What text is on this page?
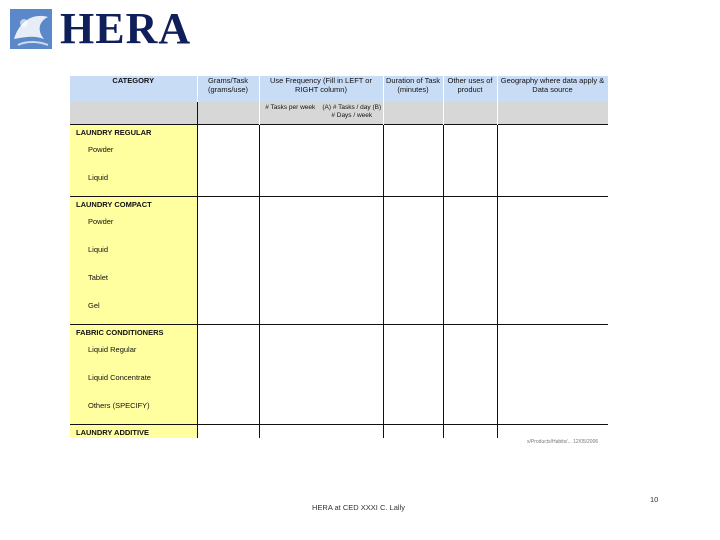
HERA
CATEGORY	Grams/Task (grams/use)	Use Frequency (Fill in LEFT or RIGHT column)	Duration of Task (minutes)	Other uses of product	Geography where data apply & Data source

		# Tasks per week (A) # Tasks / day (B) # Days / week			

LAUNDRY REGULAR					

Powder					

Liquid					

LAUNDRY COMPACT					

Powder					

Liquid					

Tablet					

Gel					

FABRIC CONDITIONERS					

Liquid Regular					

Liquid Concentrate					

Others (SPECIFY)					

LAUNDRY ADDITIVE					

x/Products/Habits/... 12/05/2006
HERA at CED XXXI C. Lally
10
